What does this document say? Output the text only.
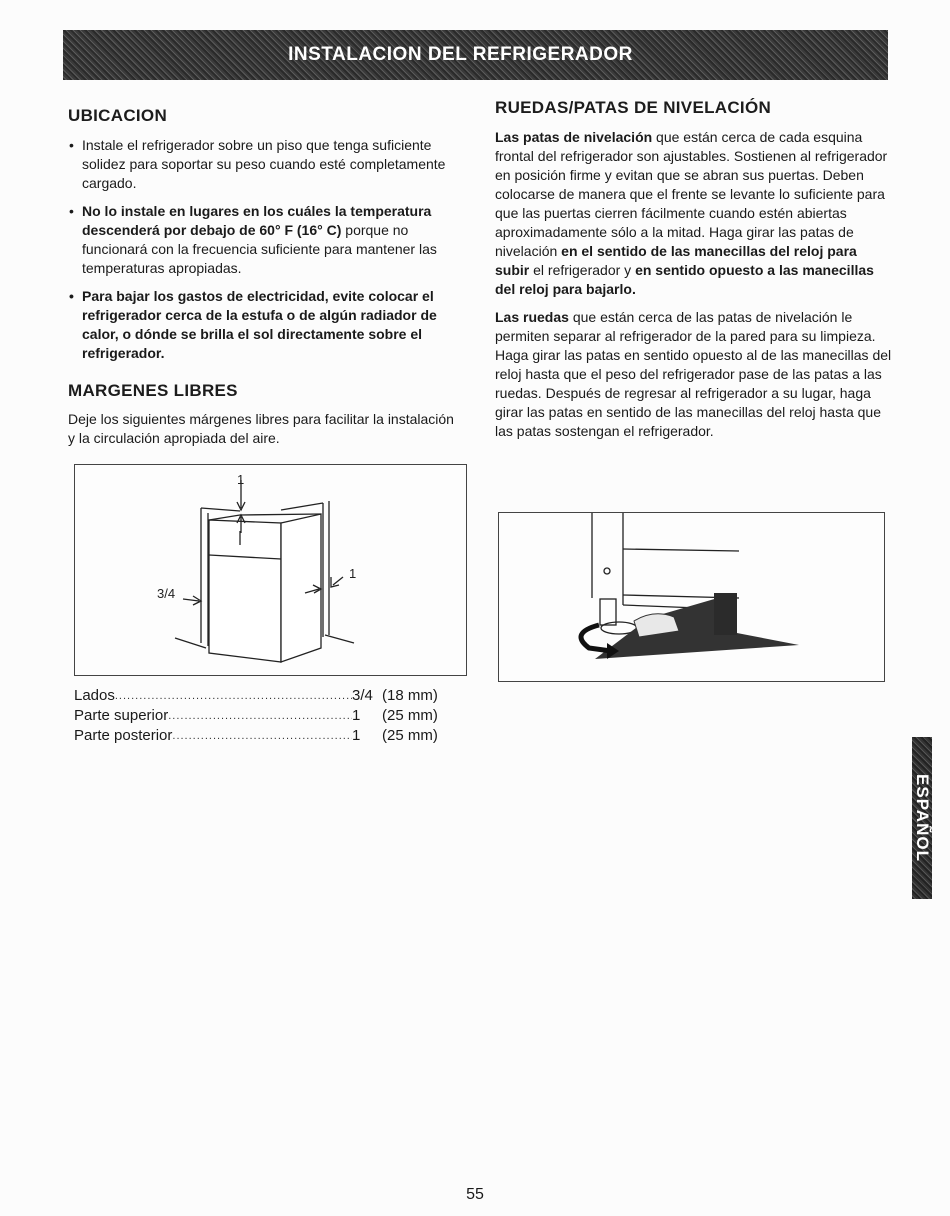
INSTALACION DEL REFRIGERADOR
UBICACION
• Instale el refrigerador sobre un piso que tenga suficiente solidez para soportar su peso cuando esté completamente cargado.
• No lo instale en lugares en los cuáles la temperatura descenderá por debajo de 60° F (16° C) porque no funcionará con la frecuencia suficiente para mantener las temperaturas apropiadas.
• Para bajar los gastos de electricidad, evite colocar el refrigerador cerca de la estufa o de algún radiador de calor, o dónde se brilla el sol directamente sobre el refrigerador.
MARGENES LIBRES

Deje los siguientes márgenes libres para facilitar la instalación y la circulación apropiada del aire.

1
3/4
1
Lados .....	3/4 (18 mm)
Parte superior .....	1	(25 mm)
Parte posterior .....	1	(25 mm)
RUEDAS/PATAS DE NIVELACIÓN

Las patas de nivelación que están cerca de cada esquina frontal del refrigerador son ajustables. Sostienen al refrigerador en posición firme y evitan que se abran sus puertas. Deben colocarse de manera que el frente se levante lo suficiente para que las puertas cierren fácilmente cuando estén abiertas aproximadamente sólo a la mitad. Haga girar las patas de nivelación en el sentido de las manecillas del reloj para subir el refrigerador y en sentido opuesto a las manecillas del reloj para bajarlo.

Las ruedas que están cerca de las patas de nivelación le permiten separar al refrigerador de la pared para su limpieza. Haga girar las patas en sentido opuesto al de las manecillas del reloj hasta que el peso del refrigerador pase de las patas a las ruedas. Después de regresar al refrigerador a su lugar, haga girar las patas en sentido de las manecillas del reloj hasta que las patas sostengan el refrigerador.

ESPAÑOL
55
